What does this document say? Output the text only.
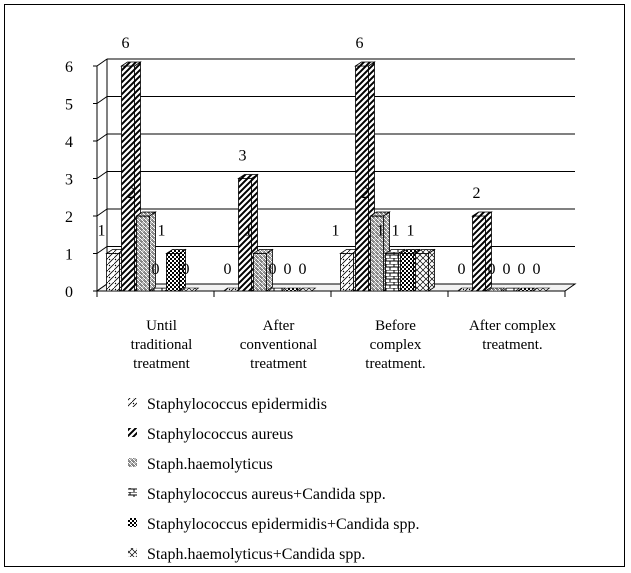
0
1
2
3
4
5
6
1
6
2
0
1
0 0
3
1
0 0 0
1
6
2
1 1 1
0
2
0 0 0 0
Until traditional treatment
After conventional treatment
Before complex treatment.
After complex treatment.
Staphylococcus epidermidis
Staphylococcus aureus
Staph.haemolyticus
Staphylococcus aureus+Candida spp.
Staphylococcus epidermidis+Candida spp.
Staph.haemolyticus+Candida spp.
